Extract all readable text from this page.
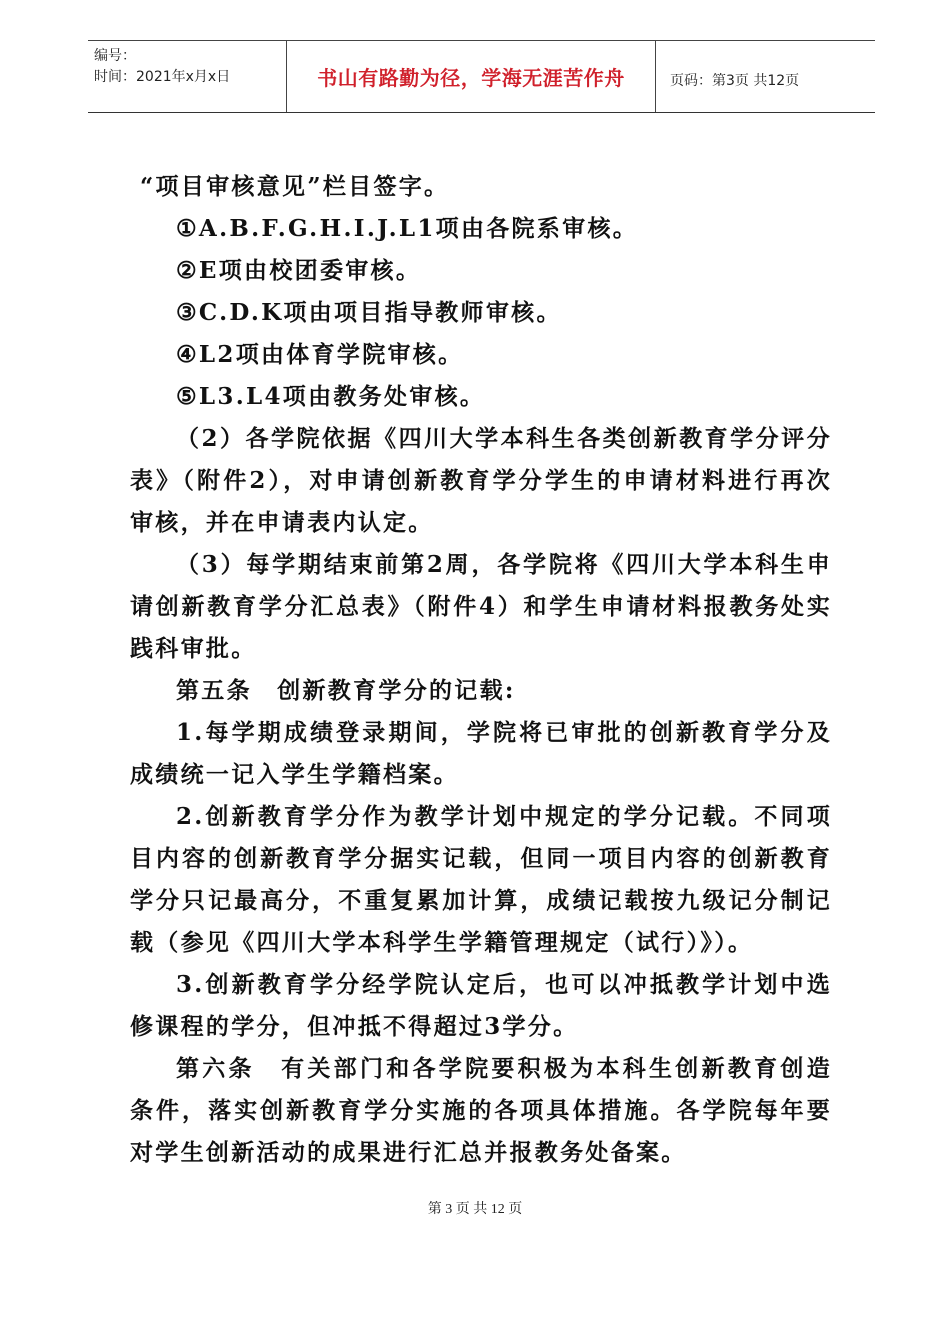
编号：
时间：2021年x月x日	书山有路勤为径，学海无涯苦作舟	页码：第3页 共12页

“项目审核意见”栏目签字。

①A.B.F.G.H.I.J.L1项由各院系审核。

②E项由校团委审核。

③C.D.K项由项目指导教师审核。

④L2项由体育学院审核。

⑤L3.L4项由教务处审核。

（2）各学院依据《四川大学本科生各类创新教育学分评分表》（附件2），对申请创新教育学分学生的申请材料进行再次审核，并在申请表内认定。

（3）每学期结束前第2周，各学院将《四川大学本科生申请创新教育学分汇总表》（附件4）和学生申请材料报教务处实践科审批。

第五条　创新教育学分的记载:

1.每学期成绩登录期间，学院将已审批的创新教育学分及成绩统一记入学生学籍档案。

2.创新教育学分作为教学计划中规定的学分记载。不同项目内容的创新教育学分据实记载，但同一项目内容的创新教育学分只记最高分，不重复累加计算，成绩记载按九级记分制记载（参见《四川大学本科学生学籍管理规定（试行）》）。

3.创新教育学分经学院认定后，也可以冲抵教学计划中选修课程的学分，但冲抵不得超过3学分。

第六条　有关部门和各学院要积极为本科生创新教育创造条件，落实创新教育学分实施的各项具体措施。各学院每年要对学生创新活动的成果进行汇总并报教务处备案。

第 3 页 共 12 页
